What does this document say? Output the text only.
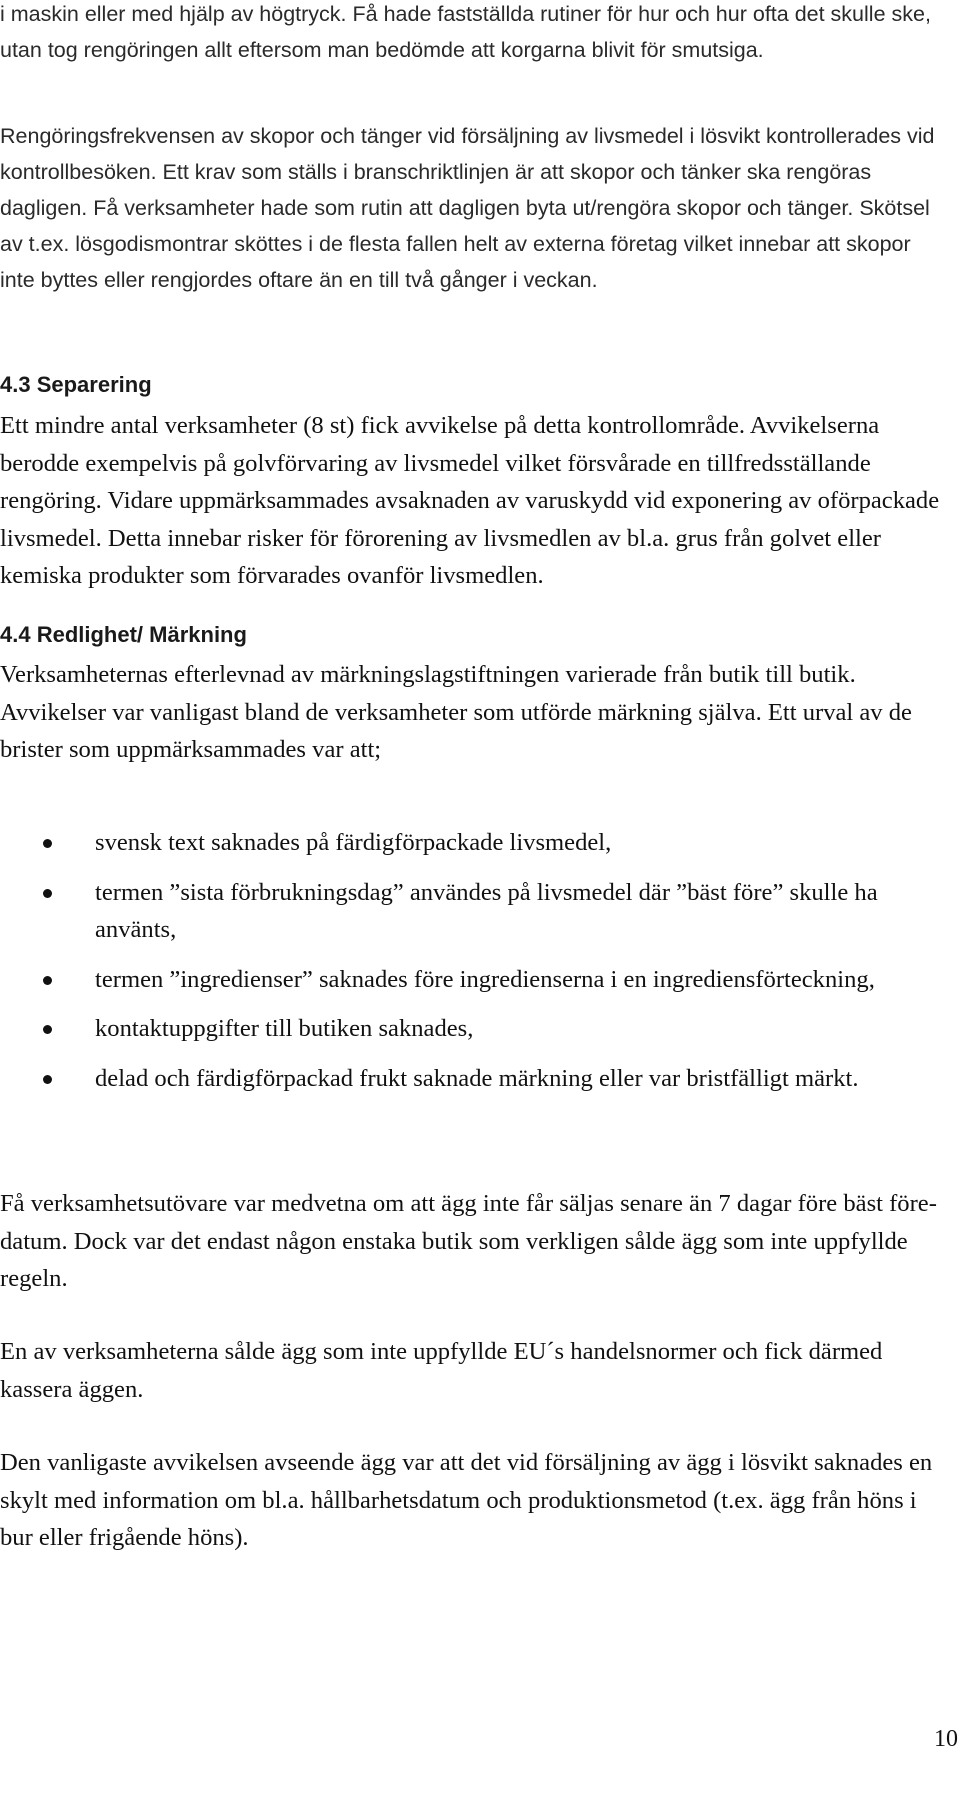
i maskin eller med hjälp av högtryck. Få hade fastställda rutiner för hur och hur ofta det skulle ske, utan tog rengöringen allt eftersom man bedömde att korgarna blivit för smutsiga.

Rengöringsfrekvensen av skopor och tänger vid försäljning av livsmedel i lösvikt kontrollerades vid kontrollbesöken. Ett krav som ställs i branschriktlinjen är att skopor och tänker ska rengöras dagligen. Få verksamheter hade som rutin att dagligen byta ut/rengöra skopor och tänger. Skötsel av t.ex. lösgodismontrar sköttes i de flesta fallen helt av externa företag vilket innebar att skopor inte byttes eller rengjordes oftare än en till två gånger i veckan.

4.3 Separering

Ett mindre antal verksamheter (8 st) fick avvikelse på detta kontrollområde. Avvikelserna berodde exempelvis på golvförvaring av livsmedel vilket försvårade en tillfredsställande rengöring. Vidare uppmärksammades avsaknaden av varuskydd vid exponering av oförpackade livsmedel. Detta innebar risker för förorening av livsmedlen av bl.a. grus från golvet eller kemiska produkter som förvarades ovanför livsmedlen.

4.4 Redlighet/ Märkning

Verksamheternas efterlevnad av märkningslagstiftningen varierade från butik till butik. Avvikelser var vanligast bland de verksamheter som utförde märkning själva. Ett urval av de brister som uppmärksammades var att;

svensk text saknades på färdigförpackade livsmedel,
termen ”sista förbrukningsdag” användes på livsmedel där ”bäst före” skulle ha använts,
termen ”ingredienser” saknades före ingredienserna i en ingrediensförteckning,
kontaktuppgifter till butiken saknades,
delad och färdigförpackad frukt saknade märkning eller var bristfälligt märkt.

Få verksamhetsutövare var medvetna om att ägg inte får säljas senare än 7 dagar före bäst före-datum. Dock var det endast någon enstaka butik som verkligen sålde ägg som inte uppfyllde regeln.

En av verksamheterna sålde ägg som inte uppfyllde EU´s handelsnormer och fick därmed kassera äggen.

Den vanligaste avvikelsen avseende ägg var att det vid försäljning av ägg i lösvikt saknades en skylt med information om bl.a. hållbarhetsdatum och produktionsmetod (t.ex. ägg från höns i bur eller frigående höns).

10
